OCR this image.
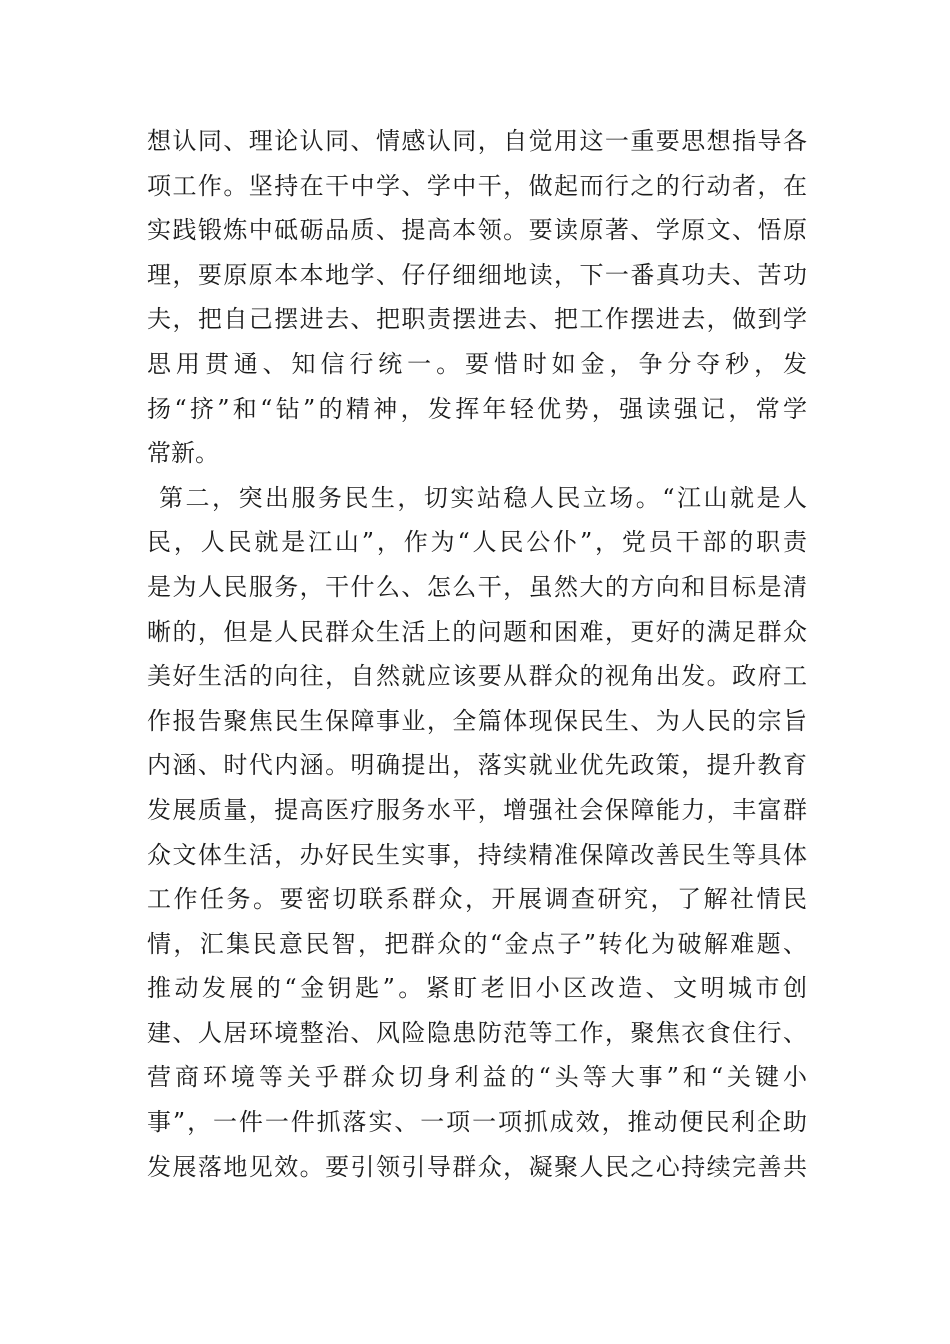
想认同、理论认同、情感认同，自觉用这一重要思想指导各
项工作。坚持在干中学、学中干，做起而行之的行动者，在
实践锻炼中砥砺品质、提高本领。要读原著、学原文、悟原
理，要原原本本地学、仔仔细细地读，下一番真功夫、苦功
夫，把自己摆进去、把职责摆进去、把工作摆进去，做到学
思用贯通、知信行统一。要惜时如金，争分夺秒，发
扬“挤”和“钻”的精神，发挥年轻优势，强读强记，常学
常新。
第二，突出服务民生，切实站稳人民立场。“江山就是人
民，人民就是江山”，作为“人民公仆”，党员干部的职责
是为人民服务，干什么、怎么干，虽然大的方向和目标是清
晰的，但是人民群众生活上的问题和困难，更好的满足群众
美好生活的向往，自然就应该要从群众的视角出发。政府工
作报告聚焦民生保障事业，全篇体现保民生、为人民的宗旨
内涵、时代内涵。明确提出，落实就业优先政策，提升教育
发展质量，提高医疗服务水平，增强社会保障能力，丰富群
众文体生活，办好民生实事，持续精准保障改善民生等具体
工作任务。要密切联系群众，开展调查研究，了解社情民
情，汇集民意民智，把群众的“金点子”转化为破解难题、
推动发展的“金钥匙”。紧盯老旧小区改造、文明城市创
建、人居环境整治、风险隐患防范等工作，聚焦衣食住行、
营商环境等关乎群众切身利益的“头等大事”和“关键小
事”，一件一件抓落实、一项一项抓成效，推动便民利企助
发展落地见效。要引领引导群众，凝聚人民之心持续完善共
